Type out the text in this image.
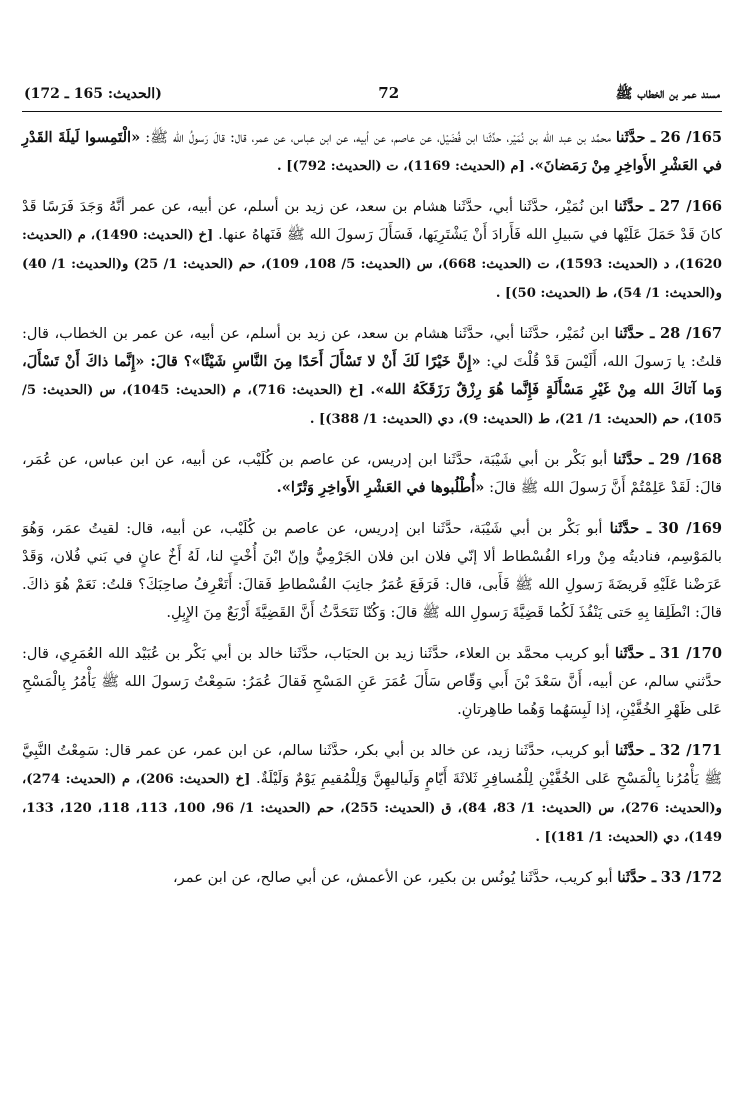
مسند عمر بن الخطاب ﷺ
72
(الحديث: 165 ـ 172)

165/ 26 ـ حدَّثَنا محمَّد بن عبد الله بن نُمَيْر، حدَّثَنا ابن فُضَيْل، عن عاصم، عن أبيه، عن ابن عباس، عن عمر، قال: قالَ رَسولُ الله ﷺ: «الْتَمِسوا لَيلَةَ القَدْرِ في العَشْرِ الأَواخِرِ مِنْ رَمَضانَ». [م (الحديث: 1169)، ت (الحديث: 792)] .

166/ 27 ـ حدَّثَنا ابن نُمَيْر، حدَّثَنا أبي، حدَّثَنا هشام بن سعد، عن زيد بن أسلم، عن أبيه، عن عمر أنَّهُ وَجَدَ فَرَسًا قَدْ كانَ قَدْ حَمَلَ عَلَيْها في سَبيلِ الله فَأَرادَ أَنْ يَشْتَرِيَها، فَسَأَلَ رَسولَ الله ﷺ فَنَهاهُ عنها. [خ (الحديث: 1490)، م (الحديث: 1620)، د (الحديث: 1593)، ت (الحديث: 668)، س (الحديث: 5/ 108، 109)، حم (الحديث: 1/ 25) و(الحديث: 1/ 40) و(الحديث: 1/ 54)، ط (الحديث: 50)] .

167/ 28 ـ حدَّثَنا ابن نُمَيْر، حدَّثَنا أبي، حدَّثَنا هشام بن سعد، عن زيد بن أسلم، عن أبيه، عن عمر بن الخطاب، قال: قلتُ: يا رَسولَ الله، أَلَيْسَ قَدْ قُلْتَ لي: «إِنَّ خَيْرًا لَكَ أَنْ لا تَسْأَلَ أَحَدًا مِنَ النَّاسِ شَيْئًا»؟ قالَ: «إِنَّما ذاكَ أَنْ تَسْأَلَ، وَما آتاكَ الله مِنْ غَيْرِ مَسْأَلَةٍ فَإِنَّما هُوَ رِزْقٌ رَزَقَكَهُ الله». [خ (الحديث: 716)، م (الحديث: 1045)، س (الحديث: 5/ 105)، حم (الحديث: 1/ 21)، ط (الحديث: 9)، دي (الحديث: 1/ 388)] .

168/ 29 ـ حدَّثَنا أبو بَكْر بن أبي شَيْبَة، حدَّثَنا ابن إدريس، عن عاصم بن كُلَيْب، عن أبيه، عن ابن عباس، عن عُمَر، قالَ: لَقَدْ عَلِمْتُمْ أَنَّ رَسولَ الله ﷺ قالَ: «أُطْلُبوها في العَشْرِ الأَواخِرِ وَتْرًا».

169/ 30 ـ حدَّثَنا أبو بَكْر بن أبي شَيْبَة، حدَّثَنا ابن إدريس، عن عاصم بن كُلَيْب، عن أبيه، قال: لقيتُ عمَر، وَهُوَ بالمَوْسِم، فناديتُه مِنْ وراء الفُسْطاط ألا إنّي فلان ابن فلان الجَرْمِيُّ وإنّ ابْنَ أُخْتٍ لنا، لَهُ أَخٌ عانٍ في بَني فُلان، وَقَدْ عَرَضْنا عَلَيْهِ فَريضَةَ رَسولِ الله ﷺ فَأَبى، قال: فَرَفَعَ عُمَرُ جانِبَ الفُسْطاطِ فَقالَ: أَتَعْرِفُ صاحِبَكَ؟ قلتُ: نَعَمْ هُوَ ذاكَ. قالَ: انْطَلِقا بِهِ حَتى يَنْفُذَ لَكُما قَضِيَّةَ رَسولِ الله ﷺ قالَ: وَكُنّا نَتَحَدَّثُ أَنَّ القَضِيَّةَ أَرْبَعٌ مِنَ الإِبِلِ.

170/ 31 ـ حدَّثَنا أبو كريب محمَّد بن العلاء، حدَّثَنا زيد بن الحبَاب، حدَّثَنا خالد بن أبي بَكْر بن عُبَيْد الله العُمَرِي، قال: حدَّثني سالم، عن أبيه، أَنَّ سَعْدَ بْنَ أَبي وَقّاص سَأَلَ عُمَرَ عَنِ المَسْحِ فَقالَ عُمَرُ: سَمِعْتُ رَسولَ الله ﷺ يَأْمُرُ بِالْمَسْحِ عَلى ظَهْرِ الخُفَّيْنِ، إذا لَبِسَهُما وَهُما طاهِرتانِ.

171/ 32 ـ حدَّثَنا أبو كريب، حدَّثَنا زيد، عن خالد بن أبي بكر، حدَّثَنا سالم، عن ابن عمر، عن عمر قال: سَمِعْتُ النَّبِيَّ ﷺ يَأْمُرُنا بِالْمَسْحِ عَلى الخُفَّيْنِ لِلْمُسافِرِ ثَلاثَةَ أَيّامٍ وَلَياليهِنَّ وَلِلْمُقيمِ يَوْمٌ وَلَيْلَةٌ. [خ (الحديث: 206)، م (الحديث: 274)، و(الحديث: 276)، س (الحديث: 1/ 83، 84)، ق (الحديث: 255)، حم (الحديث: 1/ 96، 100، 113، 118، 120، 133، 149)، دي (الحديث: 1/ 181)] .

172/ 33 ـ حدَّثَنا أبو كريب، حدَّثَنا يُونُس بن بكير، عن الأعمش، عن أبي صالح، عن ابن عمر،
